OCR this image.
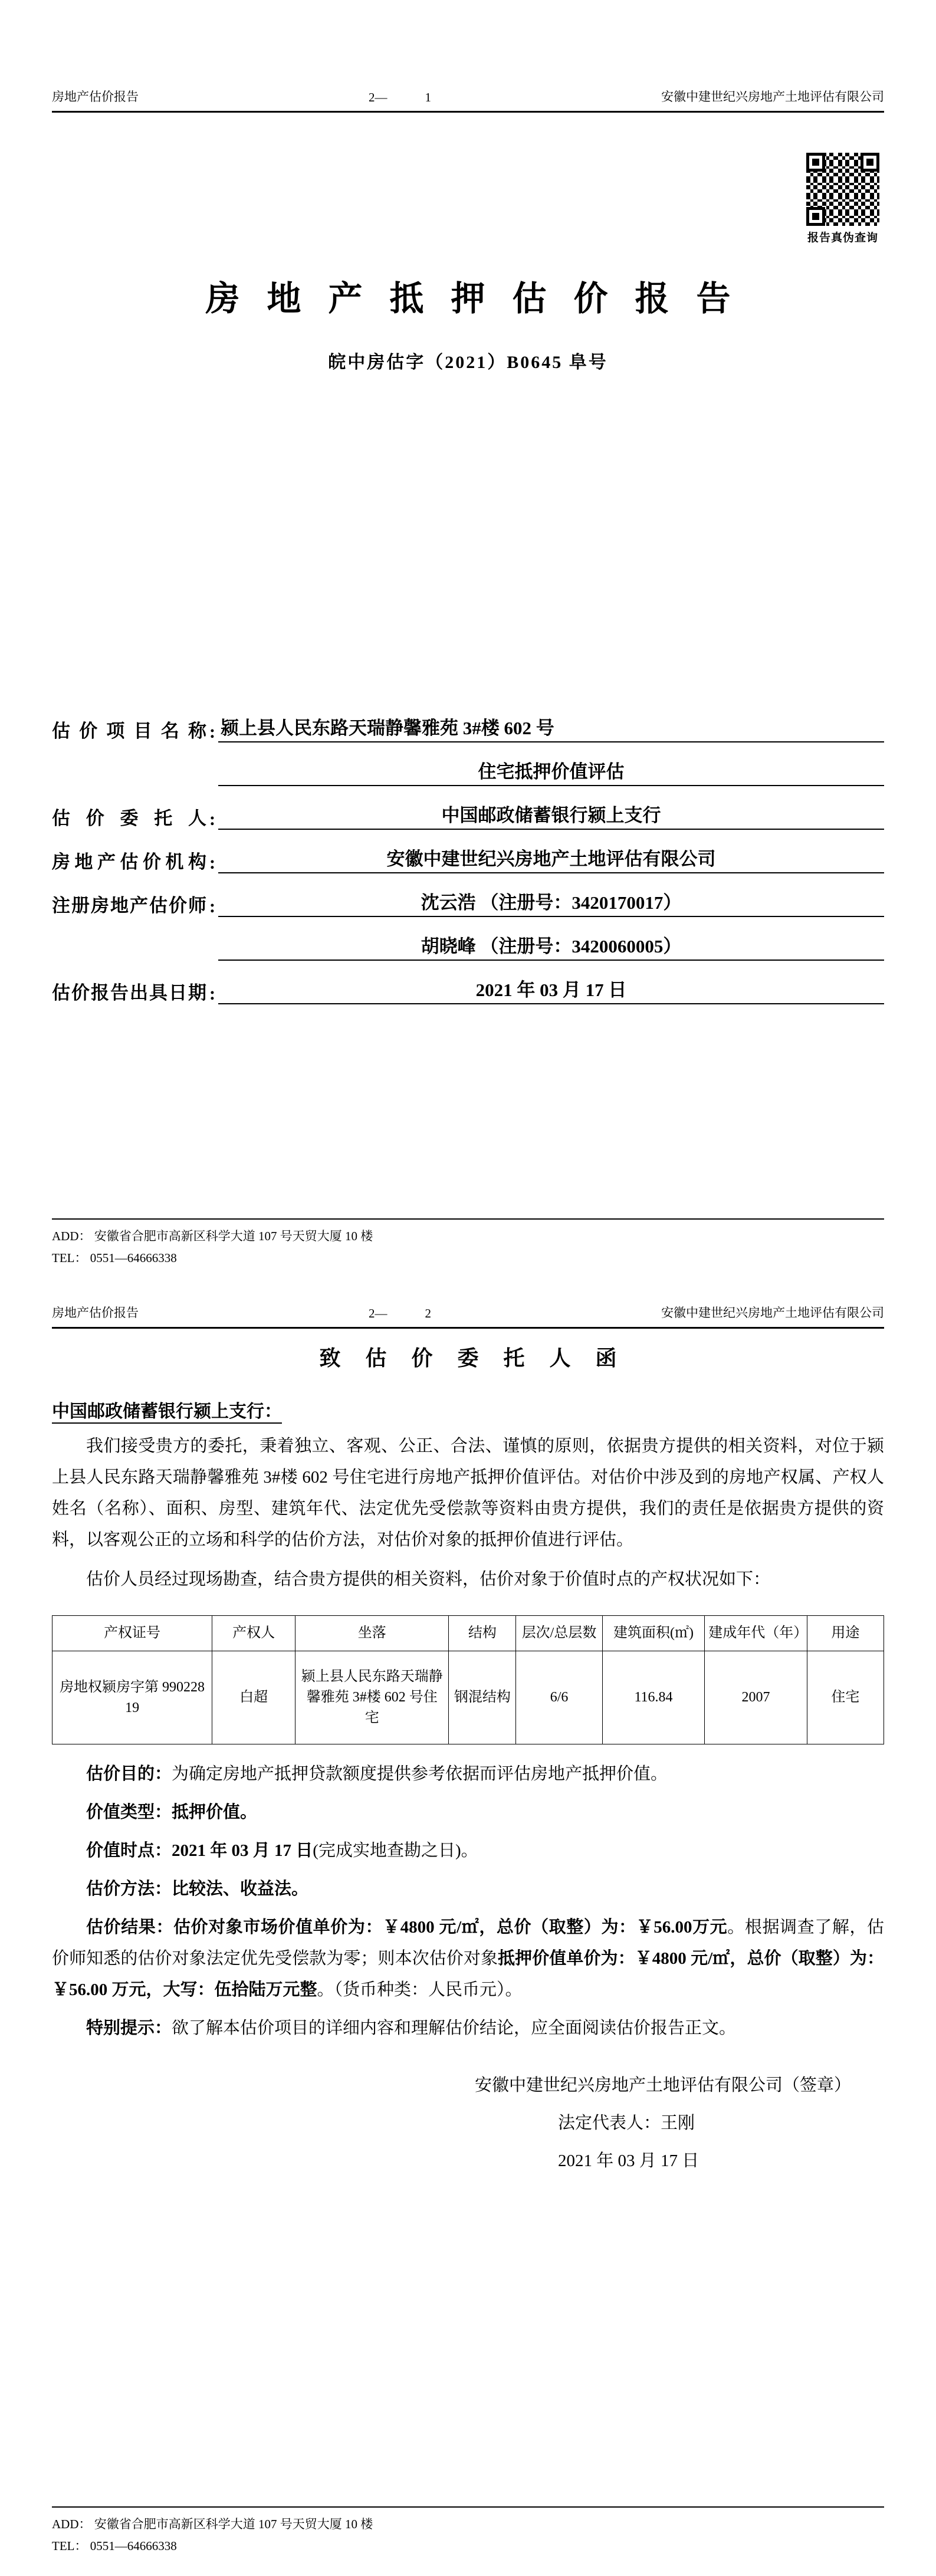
房地产估价报告	2—	1	安徽中建世纪兴房地产土地评估有限公司
报告真伪查询
房地产抵押估价报告
皖中房估字（2021）B0645 阜号
估价项目名称 : 颍上县人民东路天瑞静馨雅苑 3#楼 602 号
住宅抵押价值评估
估价委托人 :	中国邮政储蓄银行颍上支行
房地产估价机构 :	安徽中建世纪兴房地产土地评估有限公司
注册房地产估价师 :	沈云浩 （注册号：3420170017）
胡晓峰 （注册号：3420060005）
估价报告出具日期 :	2021 年 03 月 17 日
ADD： 安徽省合肥市高新区科学大道 107 号天贸大厦 10 楼
TEL： 0551—64666338
房地产估价报告	2—	2	安徽中建世纪兴房地产土地评估有限公司
致估价委托人函
中国邮政储蓄银行颍上支行：

我们接受贵方的委托，秉着独立、客观、公正、合法、谨慎的原则，依据贵方提供的相关资料，对位于颍上县人民东路天瑞静馨雅苑 3#楼 602 号住宅进行房地产抵押价值评估。对估价中涉及到的房地产权属、产权人姓名（名称）、面积、房型、建筑年代、法定优先受偿款等资料由贵方提供，我们的责任是依据贵方提供的资料，以客观公正的立场和科学的估价方法，对估价对象的抵押价值进行评估。

估价人员经过现场勘查，结合贵方提供的相关资料，估价对象于价值时点的产权状况如下：

产权证号	产权人	坐落	结构	层次/总层数	建筑面积(㎡)	建成年代（年）	用途
房地权颍房字第 99022819	白超	颍上县人民东路天瑞静馨雅苑 3#楼 602 号住宅	钢混结构	6/6	116.84	2007	住宅

估价目的：为确定房地产抵押贷款额度提供参考依据而评估房地产抵押价值。

价值类型：抵押价值。

价值时点：2021 年 03 月 17 日(完成实地查勘之日)。

估价方法：比较法、收益法。

估价结果：估价对象市场价值单价为：￥4800 元/㎡，总价（取整）为：￥56.00万元。根据调查了解，估价师知悉的估价对象法定优先受偿款为零；则本次估价对象抵押价值单价为：￥4800 元/㎡，总价（取整）为：￥56.00 万元，大写：伍拾陆万元整。（货币种类：人民币元）。

特别提示：欲了解本估价项目的详细内容和理解估价结论，应全面阅读估价报告正文。

安徽中建世纪兴房地产土地评估有限公司（签章）
法定代表人：王刚
2021 年 03 月 17 日
ADD： 安徽省合肥市高新区科学大道 107 号天贸大厦 10 楼
TEL： 0551—64666338
